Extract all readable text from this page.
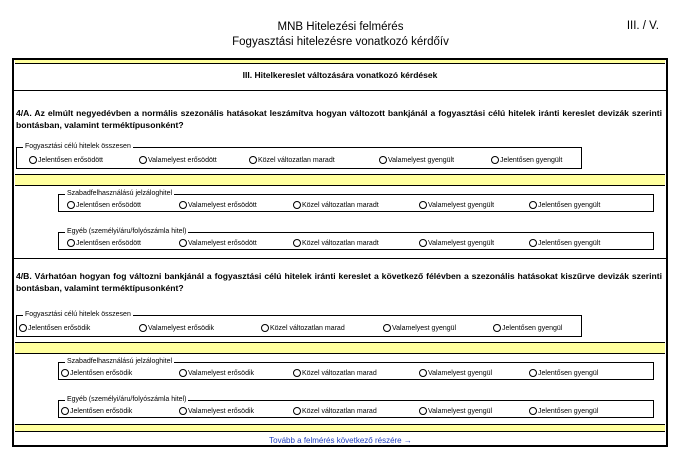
MNB Hitelezési felmérés
Fogyasztási hitelezésre vonatkozó kérdőív
III. / V.
III. Hitelkereslet változására vonatkozó kérdések
4/A. Az elmúlt negyedévben a normális szezonális hatásokat leszámítva hogyan változott bankjánál a fogyasztási célú hitelek iránti kereslet devizák szerinti bontásban, valamint terméktípusonként?
Fogyasztási célú hitelek összesen
Jelentősen erősödött	Valamelyest erősödött	Közel változatlan maradt	Valamelyest gyengült	Jelentősen gyengült
Szabadfelhasználású jelzáloghitel
Jelentősen erősödött	Valamelyest erősödött	Közel változatlan maradt	Valamelyest gyengült	Jelentősen gyengült
Egyéb (személyi/áru/folyószámla hitel)
Jelentősen erősödött	Valamelyest erősödött	Közel változatlan maradt	Valamelyest gyengült	Jelentősen gyengült
4/B. Várhatóan hogyan fog változni bankjánál a fogyasztási célú hitelek iránti kereslet a következő félévben a szezonális hatásokat kiszűrve devizák szerinti bontásban, valamint terméktípusonként?
Fogyasztási célú hitelek összesen
Jelentősen erősödik	Valamelyest erősödik	Közel változatlan marad	Valamelyest gyengül	Jelentősen gyengül
Szabadfelhasználású jelzáloghitel
Jelentősen erősödik	Valamelyest erősödik	Közel változatlan marad	Valamelyest gyengül	Jelentősen gyengül
Egyéb (személyi/áru/folyószámla hitel)
Jelentősen erősödik	Valamelyest erősödik	Közel változatlan marad	Valamelyest gyengül	Jelentősen gyengül
Tovább a felmérés következő részére →
